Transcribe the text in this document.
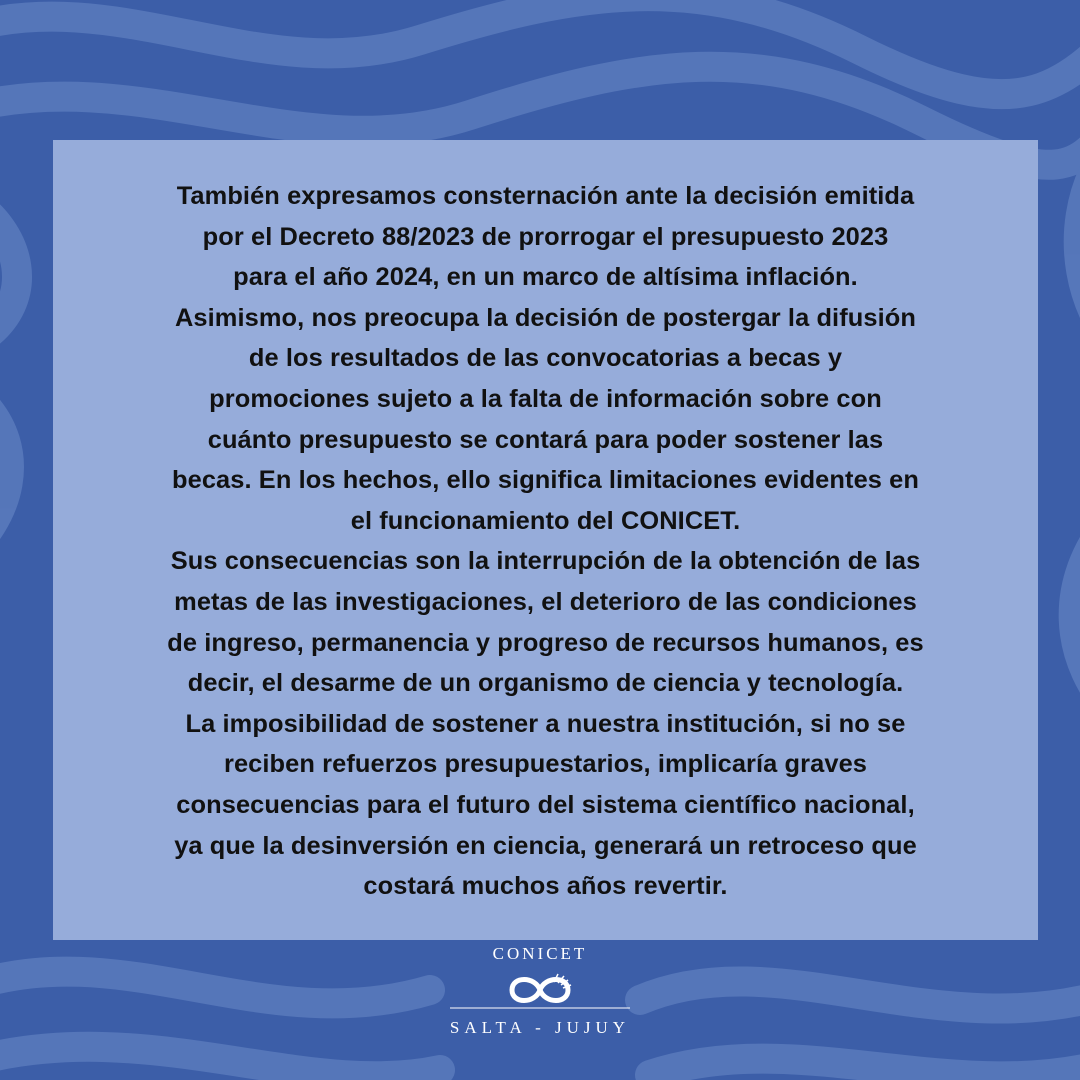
También expresamos consternación ante la decisión emitida
por el Decreto 88/2023 de prorrogar el presupuesto 2023
para el año 2024, en un marco de altísima inflación.
Asimismo, nos preocupa la decisión de postergar la difusión
de los resultados de las convocatorias a becas y
promociones sujeto a la falta de información sobre con
cuánto presupuesto se contará para poder sostener las
becas. En los hechos, ello significa limitaciones evidentes en
el funcionamiento del CONICET.
Sus consecuencias son la interrupción de la obtención de las
metas de las investigaciones, el deterioro de las condiciones
de ingreso, permanencia y progreso de recursos humanos, es
decir, el desarme de un organismo de ciencia y tecnología.
La imposibilidad de sostener a nuestra institución, si no se
reciben refuerzos presupuestarios, implicaría graves
consecuencias para el futuro del sistema científico nacional,
ya que la desinversión en ciencia, generará un retroceso que
costará muchos años revertir.

CONICET
SALTA - JUJUY
